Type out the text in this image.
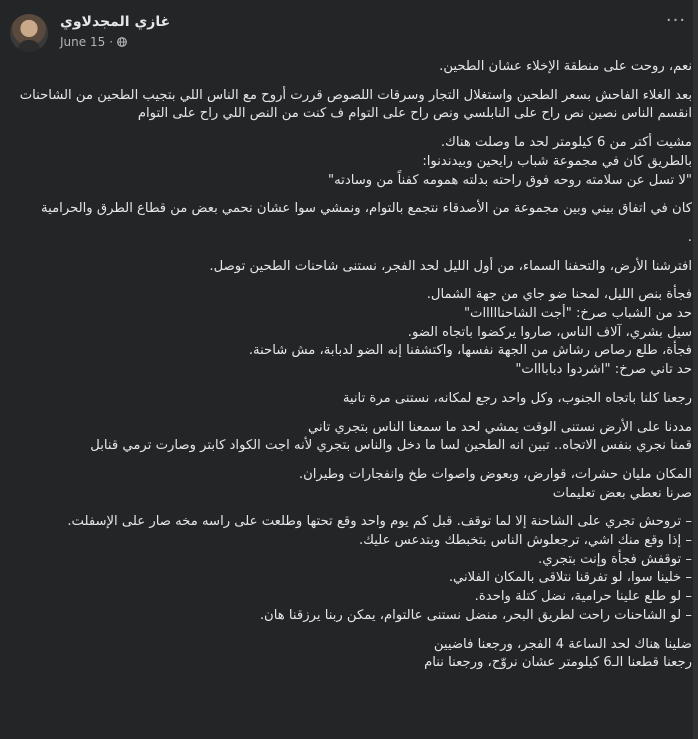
غازي المجدلاوي
June 15 ·
···
نعم، روحت على منطقة الإخلاء عشان الطحين.
بعد الغلاء الفاحش بسعر الطحين واستغلال التجار وسرقات اللصوص قررت أروح مع الناس اللي بتجيب الطحين من الشاحنات
انقسم الناس نصين نص راح على النابلسي ونص راح على التوام ف كنت من النص اللي راح على التوام
مشيت أكتر من 6 كيلومتر لحد ما وصلت هناك.
بالطريق كان في مجموعة شباب رايحين وبيدندنوا:
"لا تسل عن سلامته روحه فوق راحته بدلته همومه كفناً من وسادته"
كان في اتفاق بيني وبين مجموعة من الأصدقاء نتجمع بالتوام، ونمشي سوا عشان نحمي بعض من قطاع الطرق والحرامية
.
افترشنا الأرض، والتحفنا السماء، من أول الليل لحد الفجر، نستنى شاحنات الطحين توصل.
فجأة بنص الليل، لمحنا ضو جاي من جهة الشمال.
حد من الشباب صرخ: "أجت الشاحنااااات"
سيل بشري، آلاف الناس، صاروا يركضوا باتجاه الضو.
فجأة، طلع رصاص رشاش من الجهة نفسها، واكتشفنا إنه الضو لدبابة، مش شاحنة.
حد تاني صرخ: "اشردوا دبابااات"
رجعنا كلنا باتجاه الجنوب، وكل واحد رجع لمكانه، نستنى مرة تانية
مددنا على الأرض نستنى الوقت يمشي لحد ما سمعنا الناس بتجري تاني
قمنا نجري بنفس الاتجاه.. تبين انه الطحين لسا ما دخل والناس بتجري لأنه اجت الكواد كابتر وصارت ترمي قنابل
المكان مليان حشرات، قوارض، وبعوض واصوات طخ وانفجارات وطيران.
صرنا نعطي بعض تعليمات
– تروحش تجري على الشاحنة إلا لما توقف. قبل كم يوم واحد وقع تحتها وطلعت على راسه مخه صار على الإسفلت.
– إذا وقع منك اشي، ترجعلوش الناس بتخبطك وبتدعس عليك.
– توقفش فجأة وإنت بتجري.
– خلينا سوا، لو تفرقنا نتلاقى بالمكان الفلاني.
– لو طلع علينا حرامية، نضل كتلة واحدة.
– لو الشاحنات راحت لطريق البحر، منضل نستنى عالتوام، يمكن ربنا يرزقنا هان.
ضلينا هناك لحد الساعة 4 الفجر، ورجعنا فاضيين
رجعنا قطعنا الـ6 كيلومتر عشان نروّح، ورجعنا ننام
